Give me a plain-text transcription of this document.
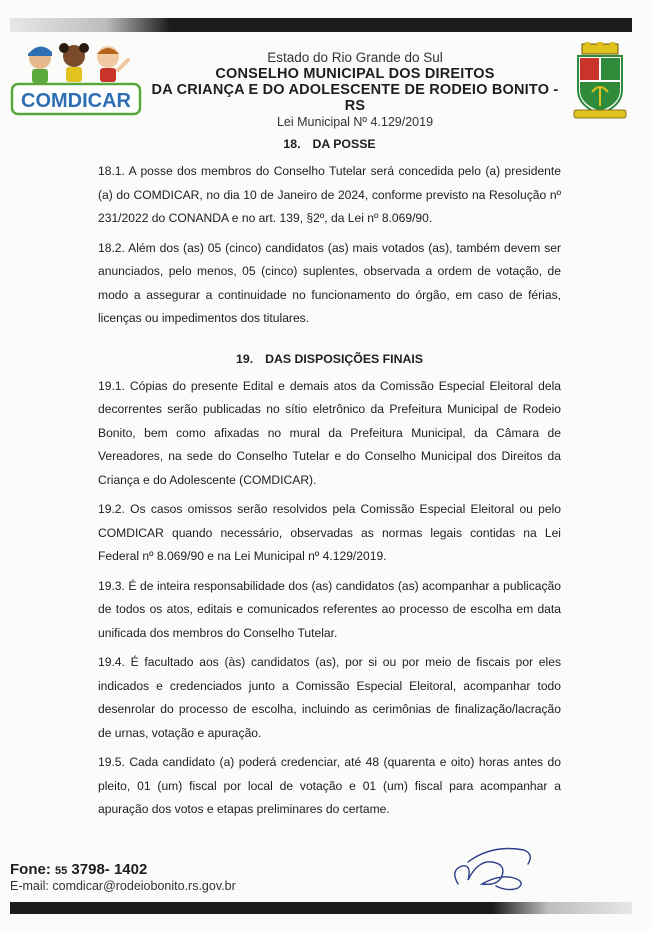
COMDICAR
Estado do Rio Grande do Sul
CONSELHO MUNICIPAL DOS DIREITOS
DA CRIANÇA E DO ADOLESCENTE DE RODEIO BONITO - RS
Lei Municipal Nº 4.129/2019
18. DA POSSE

18.1. A posse dos membros do Conselho Tutelar será concedida pelo (a) presidente (a) do COMDICAR, no dia 10 de Janeiro de 2024, conforme previsto na Resolução nº 231/2022 do CONANDA e no art. 139, §2º, da Lei nº 8.069/90.

18.2. Além dos (as) 05 (cinco) candidatos (as) mais votados (as), também devem ser anunciados, pelo menos, 05 (cinco) suplentes, observada a ordem de votação, de modo a assegurar a continuidade no funcionamento do órgão, em caso de férias, licenças ou impedimentos dos titulares.

19. DAS DISPOSIÇÕES FINAIS

19.1. Cópias do presente Edital e demais atos da Comissão Especial Eleitoral dela decorrentes serão publicadas no sítio eletrônico da Prefeitura Municipal de Rodeio Bonito, bem como afixadas no mural da Prefeitura Municipal, da Câmara de Vereadores, na sede do Conselho Tutelar e do Conselho Municipal dos Direitos da Criança e do Adolescente (COMDICAR).

19.2. Os casos omissos serão resolvidos pela Comissão Especial Eleitoral ou pelo COMDICAR quando necessário, observadas as normas legais contidas na Lei Federal nº 8.069/90 e na Lei Municipal nº 4.129/2019.

19.3. É de inteira responsabilidade dos (as) candidatos (as) acompanhar a publicação de todos os atos, editais e comunicados referentes ao processo de escolha em data unificada dos membros do Conselho Tutelar.

19.4. É facultado aos (às) candidatos (as), por si ou por meio de fiscais por eles indicados e credenciados junto a Comissão Especial Eleitoral, acompanhar todo desenrolar do processo de escolha, incluindo as cerimônias de finalização/lacração de urnas, votação e apuração.

19.5. Cada candidato (a) poderá credenciar, até 48 (quarenta e oito) horas antes do pleito, 01 (um) fiscal por local de votação e 01 (um) fiscal para acompanhar a apuração dos votos e etapas preliminares do certame.

Fone: 55 3798- 1402
E-mail: comdicar@rodeiobonito.rs.gov.br
